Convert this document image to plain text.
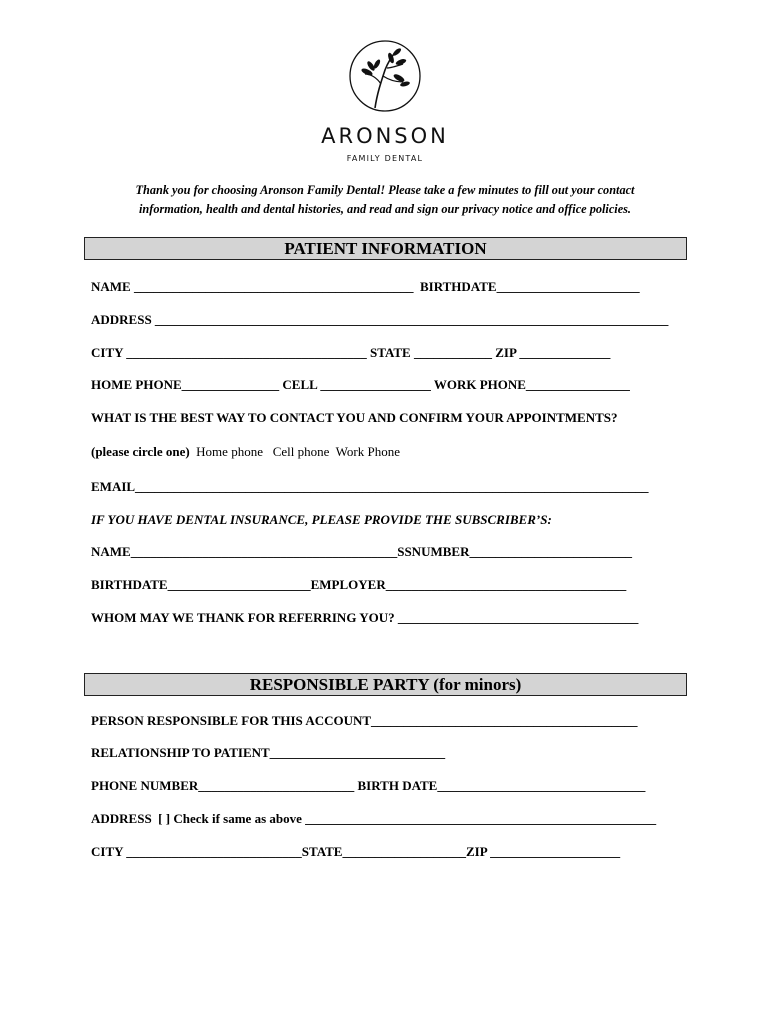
ARONSON
FAMILY DENTAL
Thank you for choosing Aronson Family Dental! Please take a few minutes to fill out your contact
information, health and dental histories, and read and sign our privacy notice and office policies.
PATIENT INFORMATION
NAME ___________________________________________  BIRTHDATE______________________
ADDRESS _______________________________________________________________________________
CITY _____________________________________ STATE ____________ ZIP ______________
HOME PHONE_______________ CELL _________________ WORK PHONE________________
WHAT IS THE BEST WAY TO CONTACT YOU AND CONFIRM YOUR APPOINTMENTS?
(please circle one)  Home phone   Cell phone  Work Phone
EMAIL_______________________________________________________________________________
IF YOU HAVE DENTAL INSURANCE, PLEASE PROVIDE THE SUBSCRIBER’S:
NAME_________________________________________SSNUMBER_________________________
BIRTHDATE______________________EMPLOYER_____________________________________
WHOM MAY WE THANK FOR REFERRING YOU? _____________________________________
RESPONSIBLE PARTY (for minors)
PERSON RESPONSIBLE FOR THIS ACCOUNT_________________________________________
RELATIONSHIP TO PATIENT___________________________
PHONE NUMBER________________________ BIRTH DATE________________________________
ADDRESS  [ ] Check if same as above ______________________________________________________
CITY ___________________________STATE___________________ZIP ____________________
